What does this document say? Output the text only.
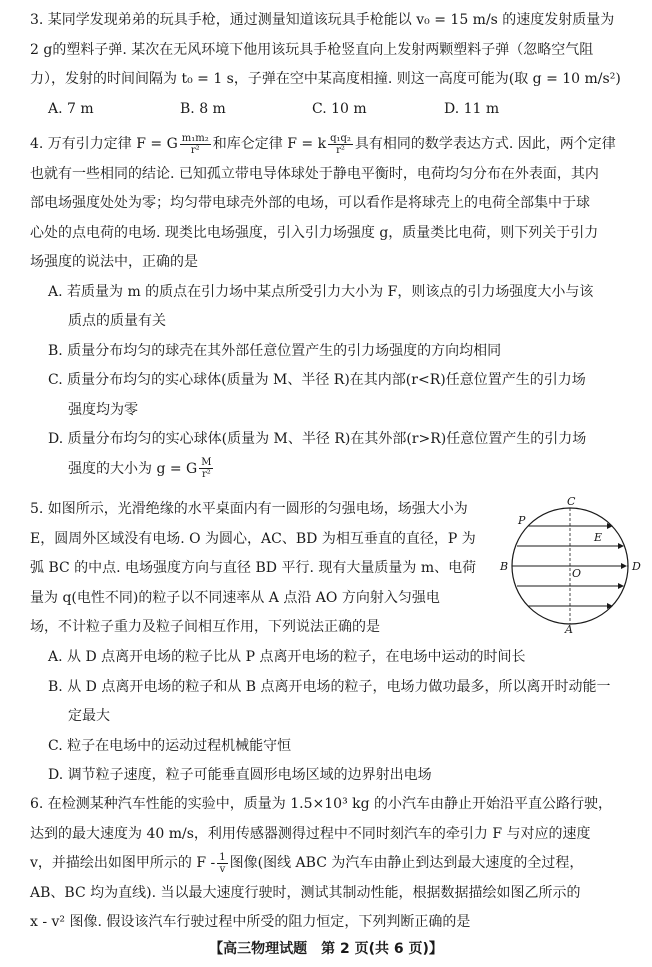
3. 某同学发现弟弟的玩具手枪，通过测量知道该玩具手枪能以 v₀ = 15 m/s 的速度发射质量为
2 g的塑料子弹. 某次在无风环境下他用该玩具手枪竖直向上发射两颗塑料子弹（忽略空气阻
力），发射的时间间隔为 t₀ = 1 s，子弹在空中某高度相撞. 则这一高度可能为(取 g = 10 m/s²)
A. 7 m	B. 8 m	C. 10 m	D. 11 m
4. 万有引力定律 F = G $\frac{\text{m₁m₂}}{\text{r²}}$ 和库仑定律 F = k $\frac{\text{q₁q₂}}{\text{r²}}$ 具有相同的数学表达方式. 因此，两个定律
也就有一些相同的结论. 已知孤立带电导体球处于静电平衡时，电荷均匀分布在外表面，其内
部电场强度处处为零；均匀带电球壳外部的电场，可以看作是将球壳上的电荷全部集中于球
心处的点电荷的电场. 现类比电场强度，引入引力场强度 g，质量类比电荷，则下列关于引力
场强度的说法中，正确的是
A. 若质量为 m 的质点在引力场中某点所受引力大小为 F，则该点的引力场强度大小与该
质点的质量有关
B. 质量分布均匀的球壳在其外部任意位置产生的引力场强度的方向均相同
C. 质量分布均匀的实心球体(质量为 M、半径 R)在其内部(r<R)任意位置产生的引力场
强度均为零
D. 质量分布均匀的实心球体(质量为 M、半径 R)在其外部(r>R)任意位置产生的引力场
强度的大小为 g = G $\frac{M}{\text{r²}}$
5. 如图所示，光滑绝缘的水平桌面内有一圆形的匀强电场，场强大小为
E，圆周外区域没有电场. O 为圆心，AC、BD 为相互垂直的直径，P 为
弧 BC 的中点. 电场强度方向与直径 BD 平行. 现有大量质量为 m、电荷
量为 q(电性不同)的粒子以不同速率从 A 点沿 AO 方向射入匀强电
场，不计粒子重力及粒子间相互作用，下列说法正确的是
A. 从 D 点离开电场的粒子比从 P 点离开电场的粒子，在电场中运动的时间长
B. 从 D 点离开电场的粒子和从 B 点离开电场的粒子，电场力做功最多，所以离开时动能一
定最大
C. 粒子在电场中的运动过程机械能守恒
D. 调节粒子速度，粒子可能垂直圆形电场区域的边界射出电场
C
P
E
B
O
D
A
6. 在检测某种汽车性能的实验中，质量为 1.5×10³ kg 的小汽车由静止开始沿平直公路行驶，
达到的最大速度为 40 m/s，利用传感器测得过程中不同时刻汽车的牵引力 F 与对应的速度
v，并描绘出如图甲所示的 F - $\frac{1}{v}$ 图像(图线 ABC 为汽车由静止到达到最大速度的全过程，
AB、BC 均为直线). 当以最大速度行驶时，测试其制动性能，根据数据描绘如图乙所示的
x - v² 图像. 假设该汽车行驶过程中所受的阻力恒定，下列判断正确的是
【高三物理试题　第 2 页(共 6 页)】
